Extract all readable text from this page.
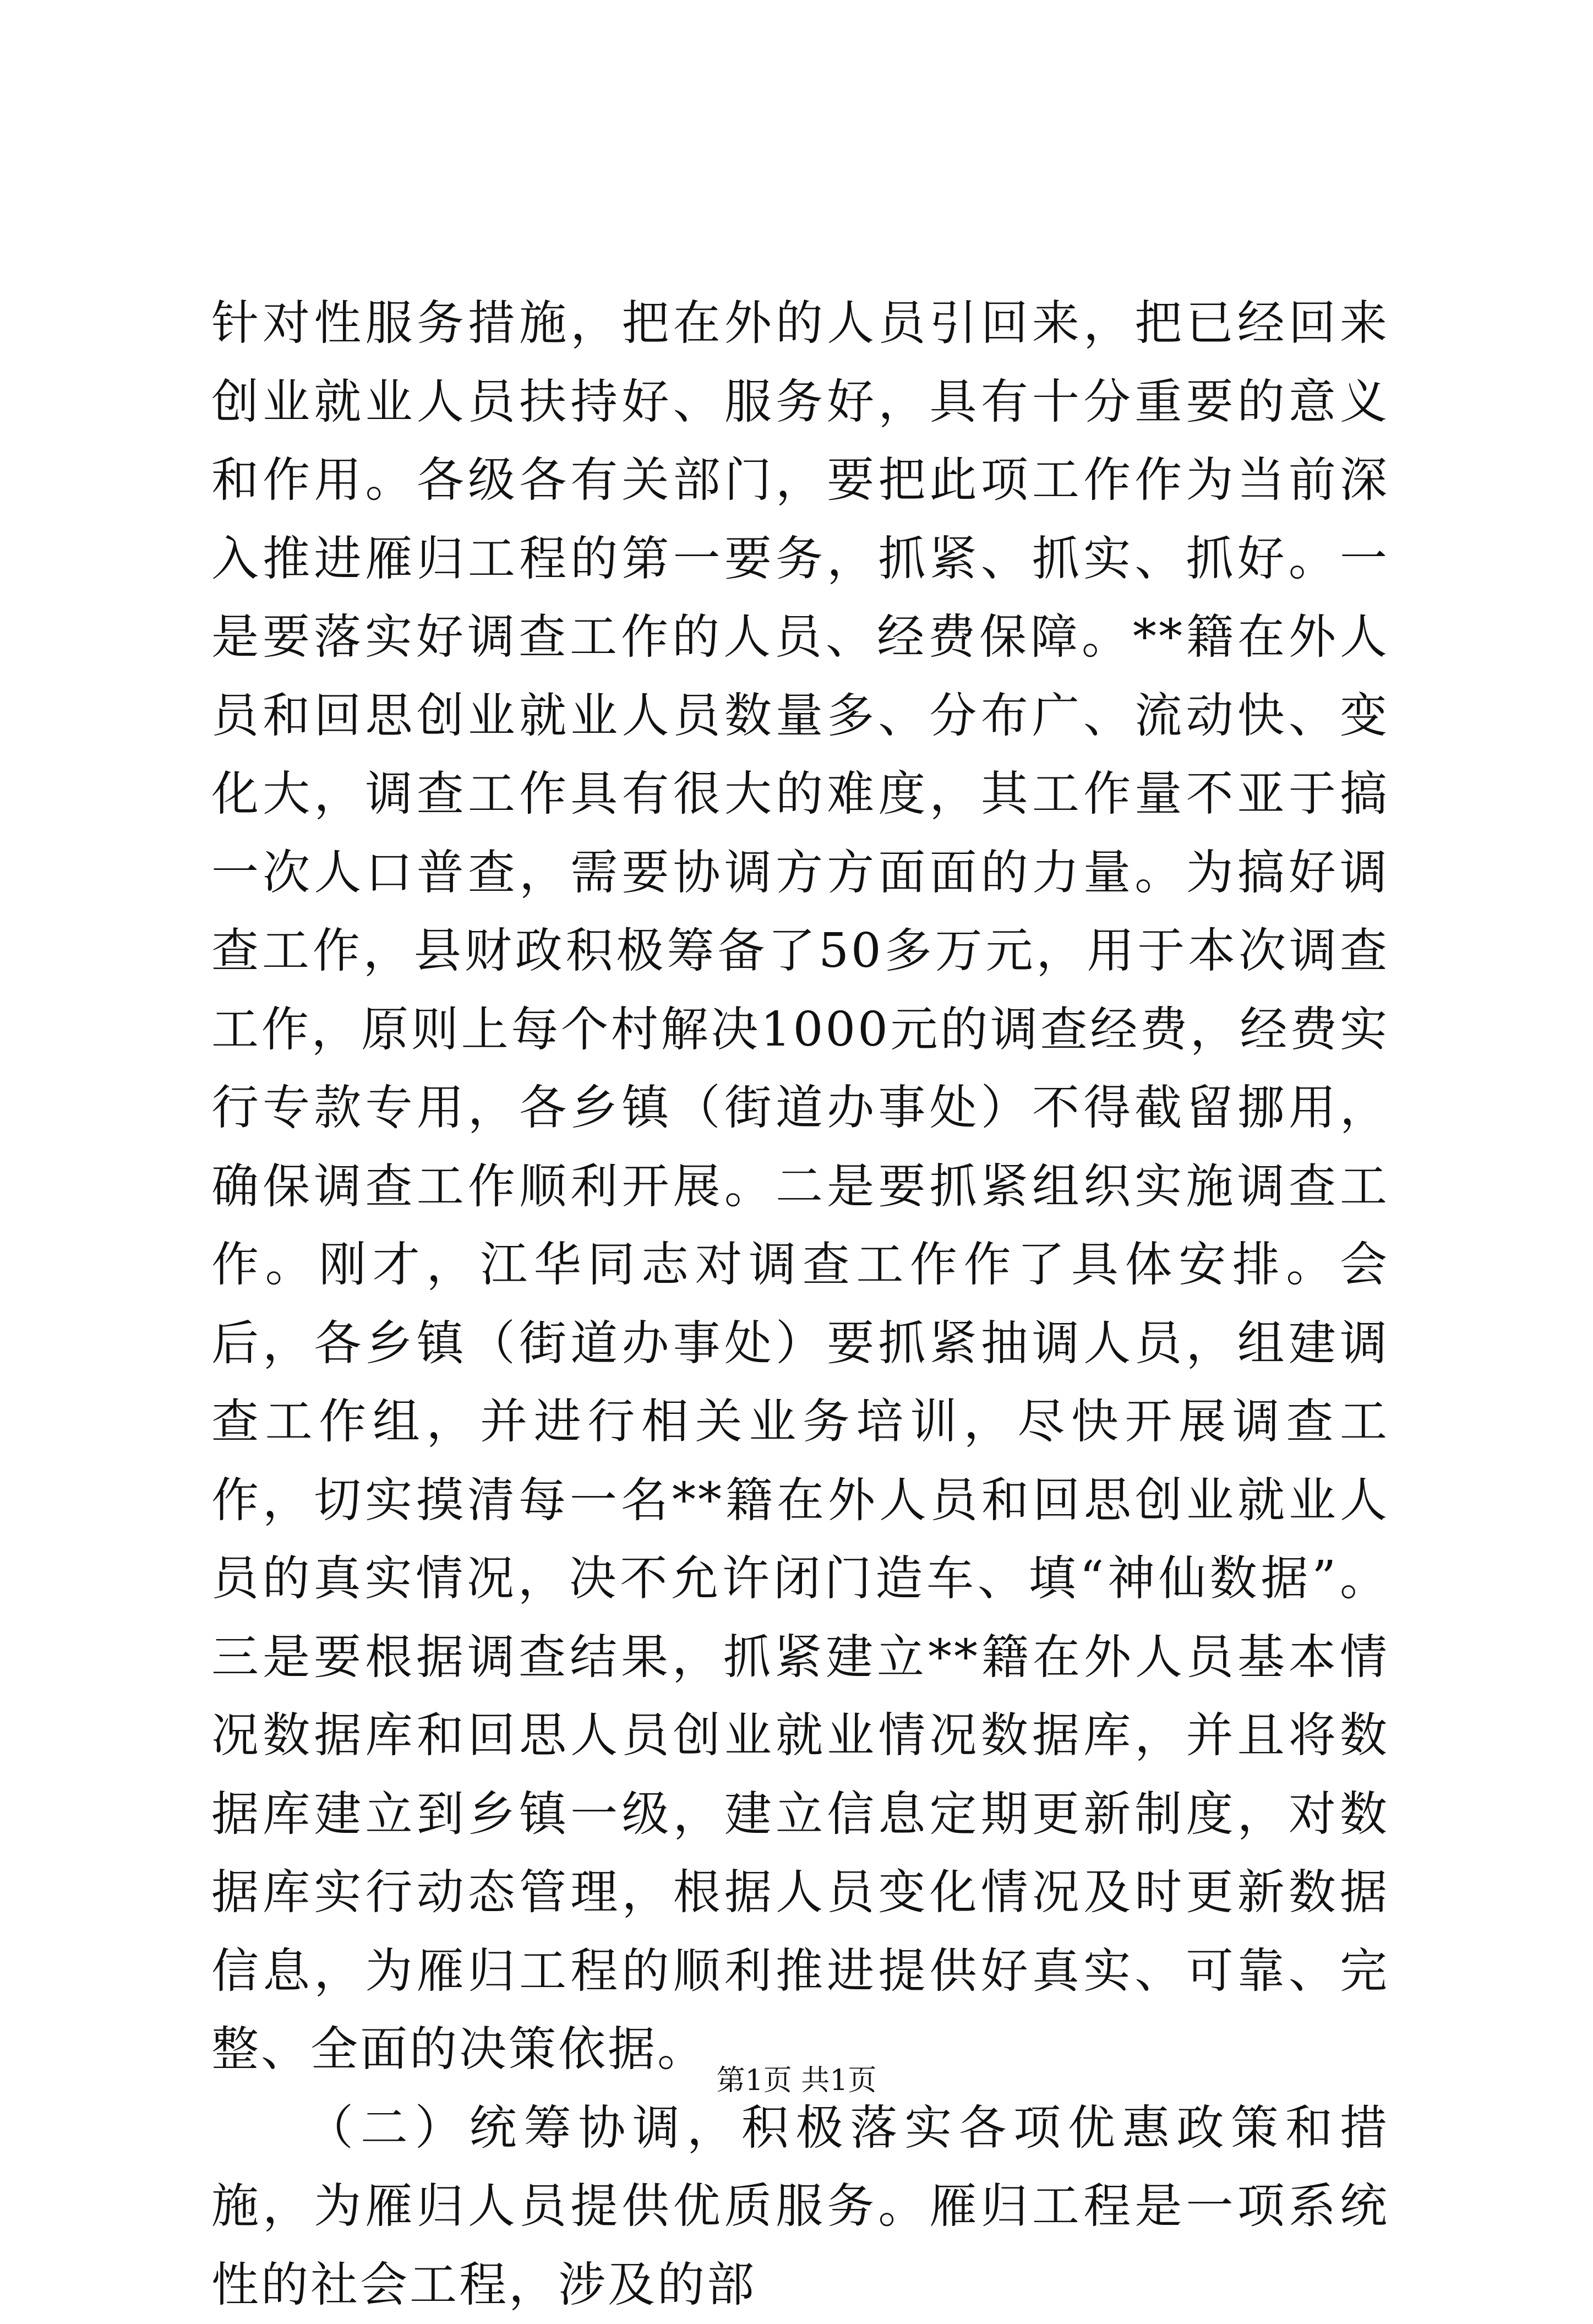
针对性服务措施，把在外的人员引回来，把已经回来创业就业人员扶持好、服务好，具有十分重要的意义和作用。各级各有关部门，要把此项工作作为当前深入推进雁归工程的第一要务，抓紧、抓实、抓好。一是要落实好调查工作的人员、经费保障。**籍在外人员和回思创业就业人员数量多、分布广、流动快、变化大，调查工作具有很大的难度，其工作量不亚于搞一次人口普查，需要协调方方面面的力量。为搞好调查工作，县财政积极筹备了50多万元，用于本次调查工作，原则上每个村解决1000元的调查经费，经费实行专款专用，各乡镇（街道办事处）不得截留挪用，确保调查工作顺利开展。二是要抓紧组织实施调查工作。刚才，江华同志对调查工作作了具体安排。会后，各乡镇（街道办事处）要抓紧抽调人员，组建调查工作组，并进行相关业务培训，尽快开展调查工作，切实摸清每一名**籍在外人员和回思创业就业人员的真实情况，决不允许闭门造车、填“神仙数据”。三是要根据调查结果，抓紧建立**籍在外人员基本情况数据库和回思人员创业就业情况数据库，并且将数据库建立到乡镇一级，建立信息定期更新制度，对数据库实行动态管理，根据人员变化情况及时更新数据信息，为雁归工程的顺利推进提供好真实、可靠、完整、全面的决策依据。

（二）统筹协调，积极落实各项优惠政策和措施，为雁归人员提供优质服务。雁归工程是一项系统性的社会工程，涉及的部

第1页 共1页
